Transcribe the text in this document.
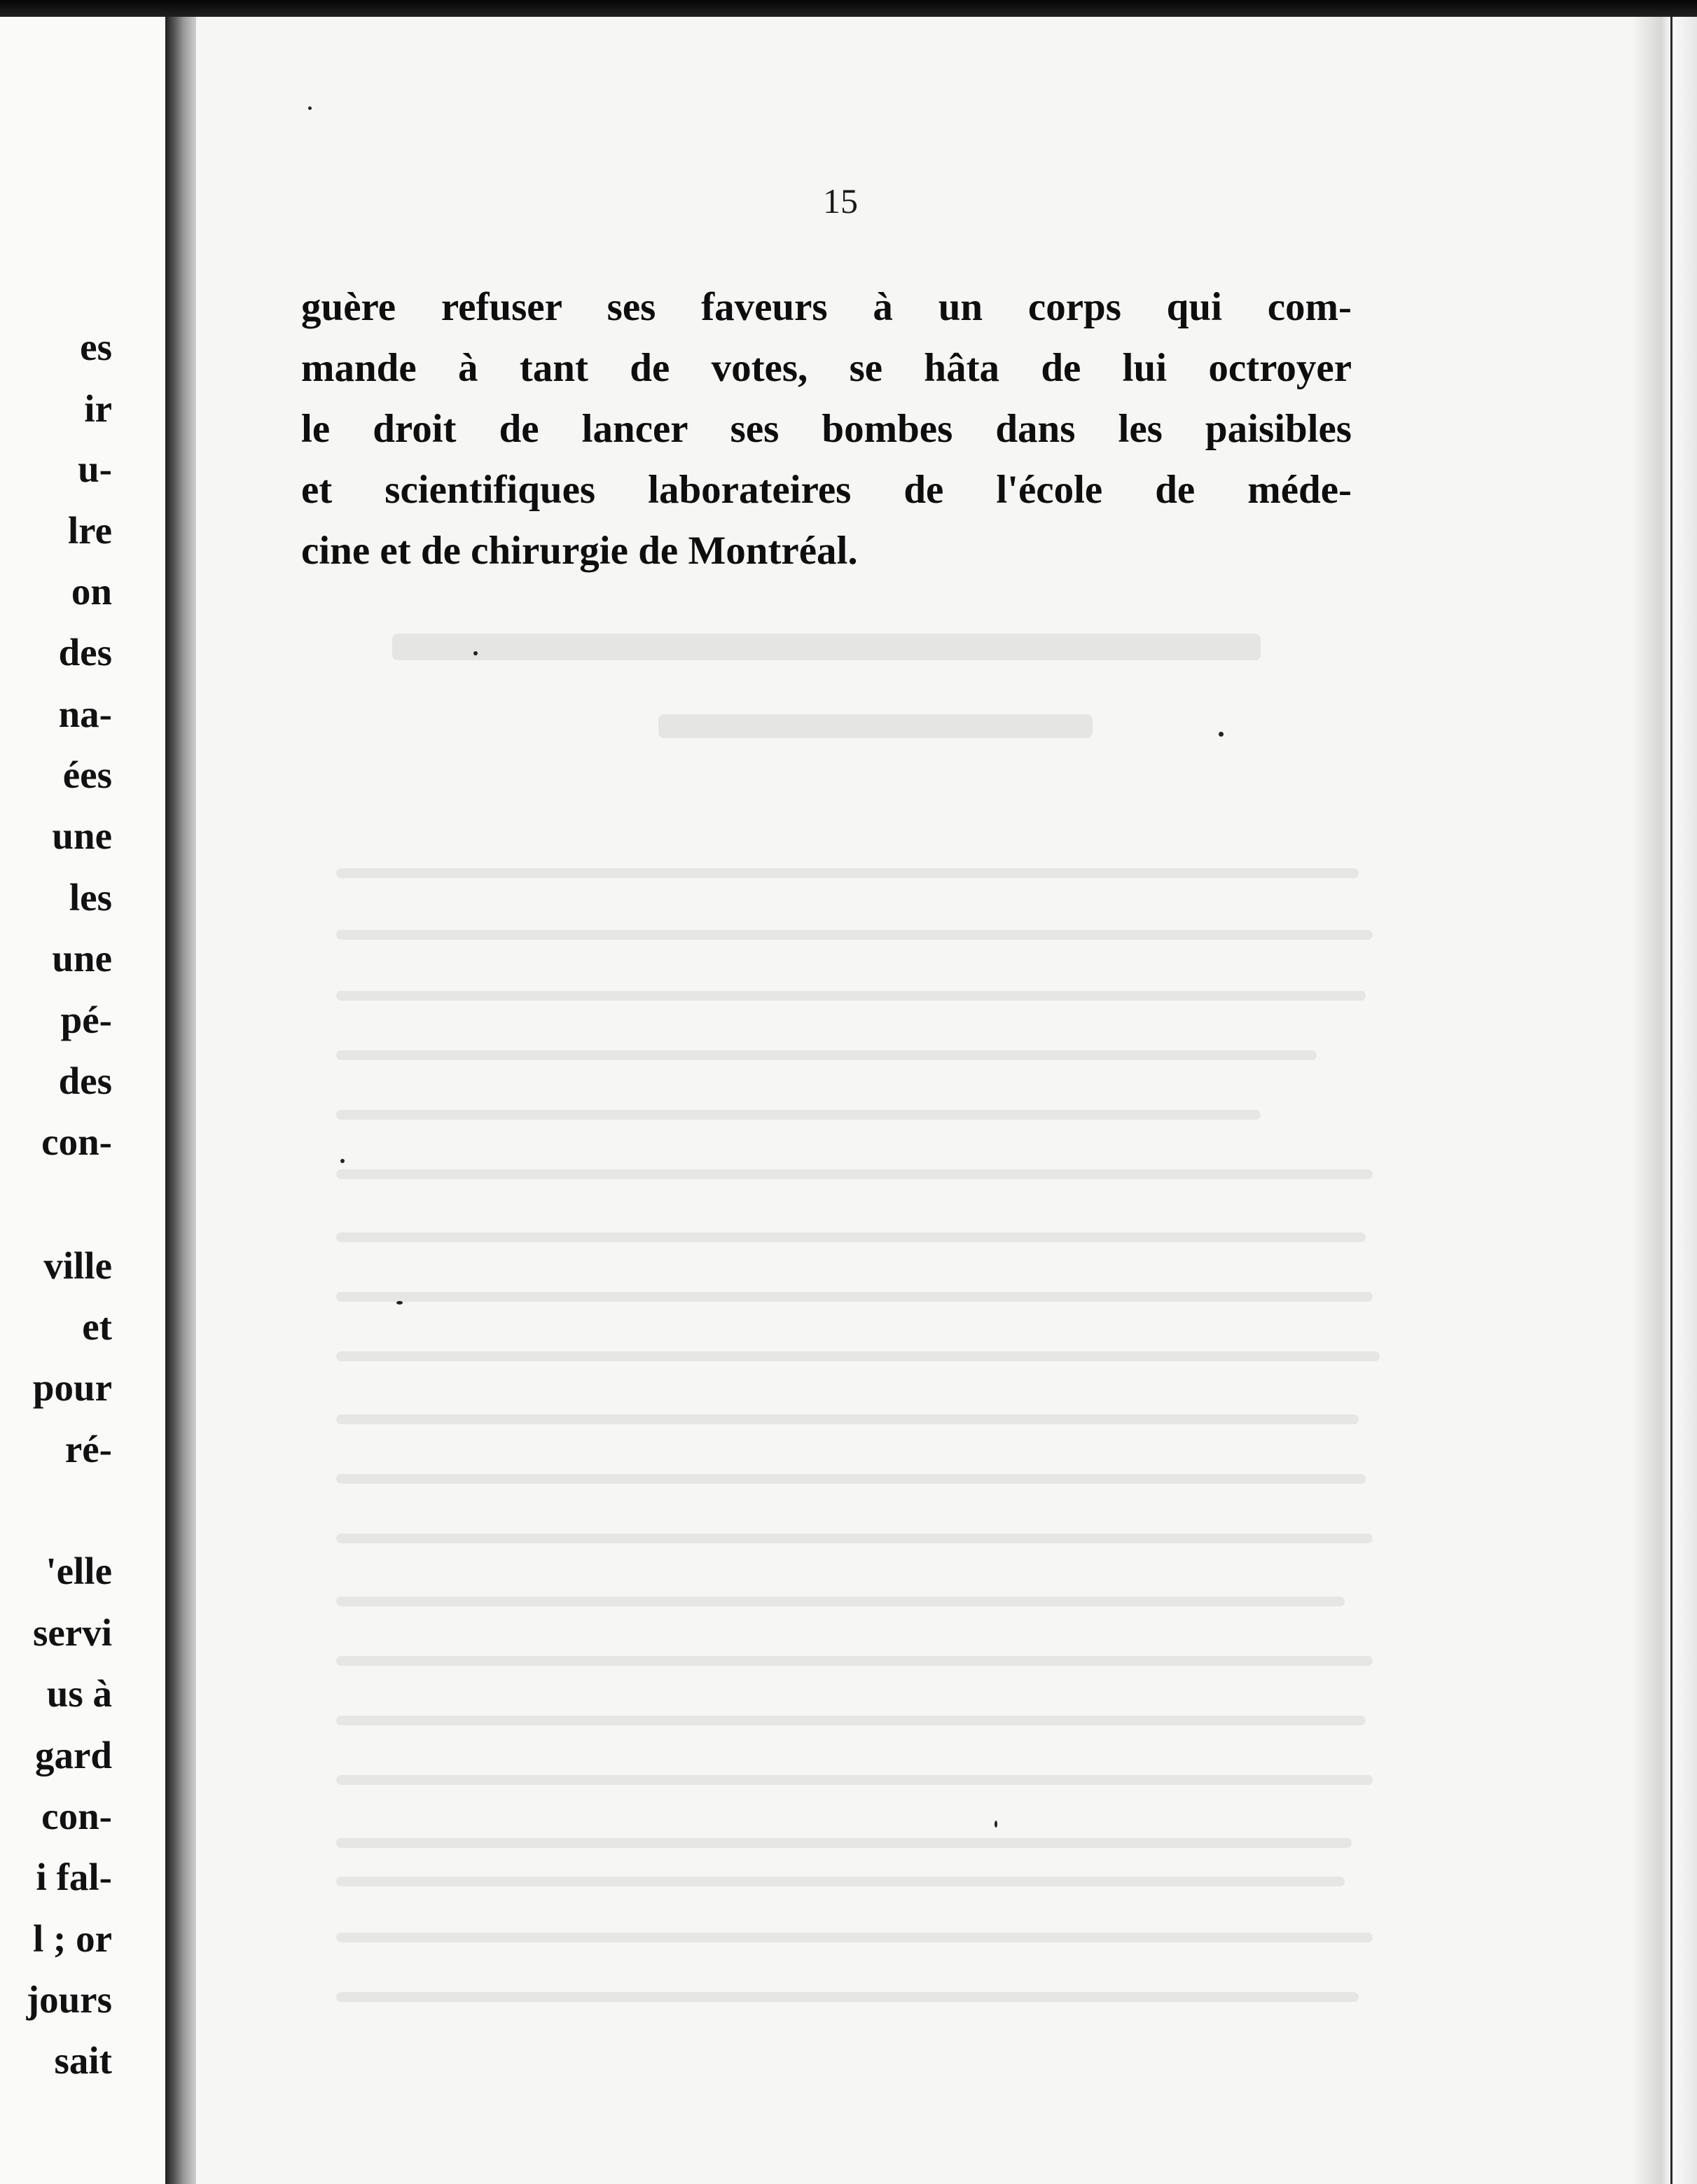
es

ir

u-

lre

on

des

na-

ées

une

les

une

pé-

des

con-

ville

et

pour

ré-

'elle

servi

us à

gard

con-

i fal-

l ; or

jours

sait

15

guère refuser ses faveurs à un corps qui com-
mande à tant de votes, se hâta de lui octroyer
le droit de lancer ses bombes dans les paisibles
et scientifiques laborateires de l'école de méde-
cine et de chirurgie de Montréal.
